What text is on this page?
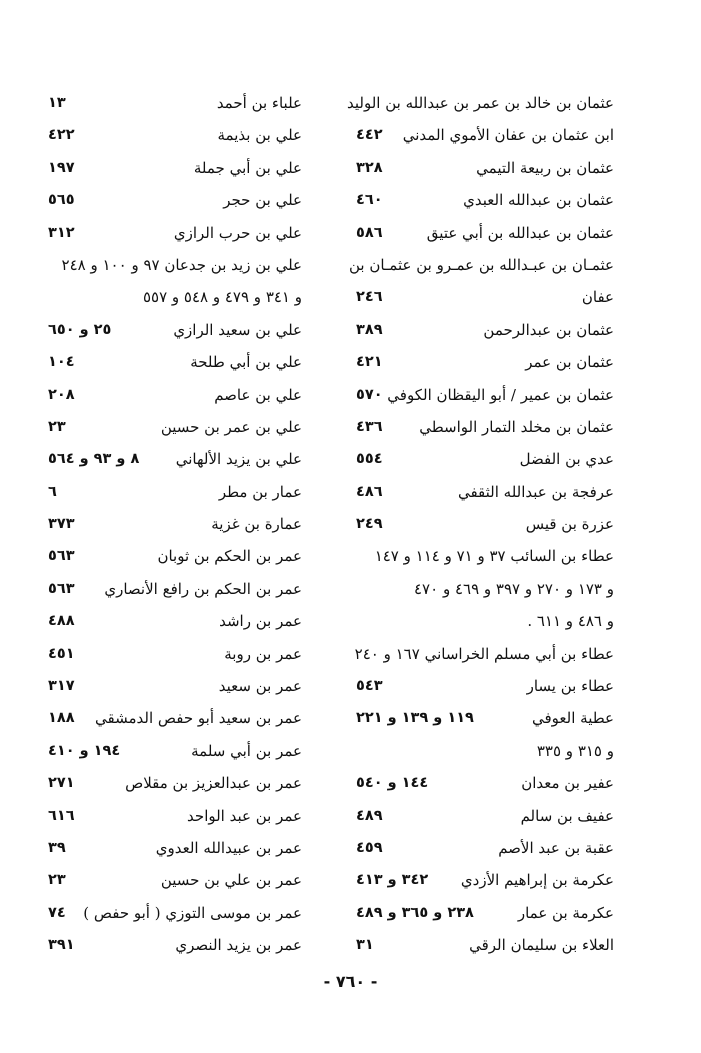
عثمان بن خالد بن عمر بن عبدالله بن الوليد
ابن عثمان بن عفان الأموي المدني
٤٤٢
عثمان بن ربيعة التيمي
٣٢٨
عثمان بن عبدالله العبدي
٤٦٠
عثمان بن عبدالله بن أبي عتيق
٥٨٦
عثمـان بن عبـدالله بن عمـرو بن عثمـان بن
عفان
٢٤٦
عثمان بن عبدالرحمن
٣٨٩
عثمان بن عمر
٤٢١
عثمان بن عمير / أبو اليقظان الكوفي
٥٧٠
عثمان بن مخلد التمار الواسطي
٤٣٦
عدي بن الفضل
٥٥٤
عرفجة بن عبدالله الثقفي
٤٨٦
عزرة بن قيس
٢٤٩
عطاء بن السائب ٣٧ و ٧١ و ١١٤ و ١٤٧
و ١٧٣ و ٢٧٠ و ٣٩٧ و ٤٦٩ و ٤٧٠
و ٤٨٦ و ٦١١ .
عطاء بن أبي مسلم الخراساني ١٦٧ و ٢٤٠
عطاء بن يسار
٥٤٣
عطية العوفي
١١٩ و ١٣٩ و ٢٢١
و ٣١٥ و ٣٣٥
عفير بن معدان
١٤٤ و ٥٤٠
عفيف بن سالم
٤٨٩
عقبة بن عبد الأصم
٤٥٩
عكرمة بن إبراهيم الأزدي
٣٤٢ و ٤١٣
عكرمة بن عمار
٢٣٨ و ٣٦٥ و ٤٨٩
العلاء بن سليمان الرقي
٣١
علباء بن أحمد
١٣
علي بن بذيمة
٤٢٢
علي بن أبي جملة
١٩٧
علي بن حجر
٥٦٥
علي بن حرب الرازي
٣١٢
علي بن زيد بن جدعان ٩٧ و ١٠٠ و ٢٤٨
و ٣٤١ و ٤٧٩ و ٥٤٨ و ٥٥٧
علي بن سعيد الرازي
٢٥ و ٦٥٠
علي بن أبي طلحة
١٠٤
علي بن عاصم
٢٠٨
علي بن عمر بن حسين
٢٣
علي بن يزيد الألهاني
٨ و ٩٣ و ٥٦٤
عمار بن مطر
٦
عمارة بن غزية
٣٧٣
عمر بن الحكم بن ثوبان
٥٦٣
عمر بن الحكم بن رافع الأنصاري
٥٦٣
عمر بن راشد
٤٨٨
عمر بن روبة
٤٥١
عمر بن سعيد
٣١٧
عمر بن سعيد أبو حفص الدمشقي
١٨٨
عمر بن أبي سلمة
١٩٤ و ٤١٠
عمر بن عبدالعزيز بن مقلاص
٢٧١
عمر بن عبد الواحد
٦١٦
عمر بن عبيدالله العدوي
٣٩
عمر بن علي بن حسين
٢٣
عمر بن موسى التوزي ( أبو حفص )
٧٤
عمر بن يزيد النصري
٣٩١
- ٧٦٠ -
